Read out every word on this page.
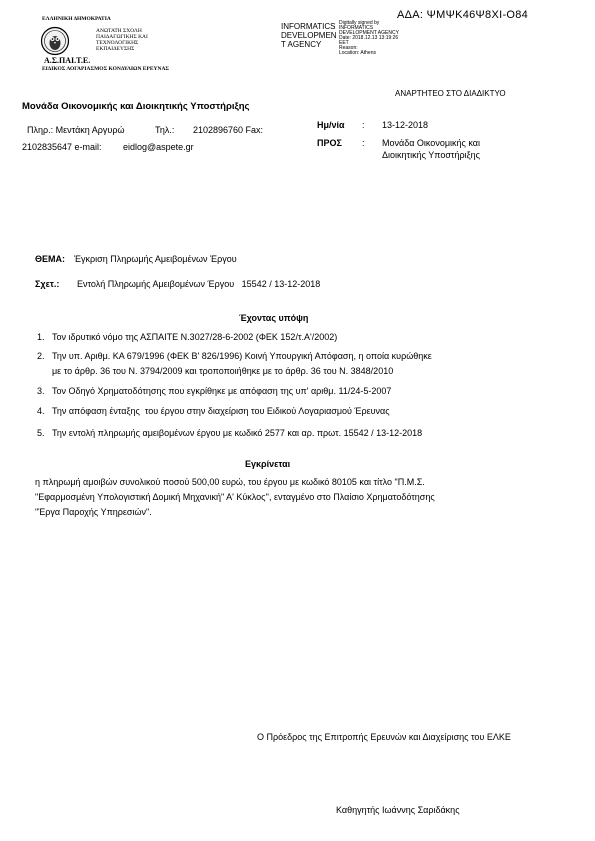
ΑΔΑ: ΨΜΨΚ46Ψ8ΧΙ-Ο84
ΕΛΛΗΝΙΚΗ ΔΗΜΟΚΡΑΤΙΑ
ΑΝΩΤΑΤΗ ΣΧΟΛΗ
ΠΑΙΔΑΓΩΓΙΚΗΣ ΚΑΙ
ΤΕΧΝΟΛΟΓΙΚΗΣ
ΕΚΠΑΙΔΕΥΣΗΣ
Α.Σ.ΠΑΙ.Τ.Ε.
ΕΙΔΙΚΟΣ ΛΟΓΑΡΙΑΣΜΟΣ ΚΟΝΔΥΛΙΩΝ ΕΡΕΥΝΑΣ
INFORMATICS
DEVELOPMEN
T AGENCY
Digitally signed by
INFORMATICS
DEVELOPMENT AGENCY
Date: 2018.12.13 13:19:26
EET
Reason:
Location: Athens
ΑΝΑΡΤΗΤΕΟ ΣΤΟ ΔΙΑΔΙΚΤΥΟ
Μονάδα Οικονομικής και Διοικητικής Υποστήριξης
Πληρ.: Μεντάκη Αργυρώ	Τηλ.: 2102896760 Fax:
2102835647 e-mail: eidlog@aspete.gr
Ημ/νία : 13-12-2018
ΠΡΟΣ : Μονάδα Οικονομικής και
Διοικητικής Υποστήριξης
ΘΕΜΑ: Έγκριση Πληρωμής Αμειβομένων Έργου
Σχετ.: Εντολή Πληρωμής Αμειβομένων Έργου   15542 / 13-12-2018
Έχοντας υπόψη
1. Τον ιδρυτικό νόμο της ΑΣΠΑΙΤΕ Ν.3027/28-6-2002 (ΦΕΚ 152/τ.Α'/2002)
2. Την υπ. Αριθμ. ΚΑ 679/1996 (ΦΕΚ Β' 826/1996) Κοινή Υπουργική Απόφαση, η οποία κυρώθηκε
με το άρθρ. 36 του Ν. 3794/2009 και τροποποιήθηκε με το άρθρ. 36 του Ν. 3848/2010
3. Τον Οδηγό Χρηματοδότησης που εγκρίθηκε με απόφαση της υπ' αριθμ. 11/24-5-2007
4. Την απόφαση ένταξης  του έργου στην διαχείριση του Ειδικού Λογαριασμού Έρευνας
5. Την εντολή πληρωμής αμειβομένων έργου με κωδικό 2577 και αρ. πρωτ. 15542 / 13-12-2018
Εγκρίνεται
η πληρωμή αμοιβών συνολικού ποσού 500,00 ευρώ, του έργου με κωδικό 80105 και τίτλο "Π.Μ.Σ.
"Εφαρμοσμένη Υπολογιστική Δομική Μηχανική" Α' Κύκλος'', ενταγμένο στο Πλαίσιο Χρηματοδότησης
"Έργα Παροχής Υπηρεσιών".
Ο Πρόεδρος της Επιτροπής Ερευνών και Διαχείρισης του ΕΛΚΕ
Καθηγητής Ιωάννης Σαριδάκης
